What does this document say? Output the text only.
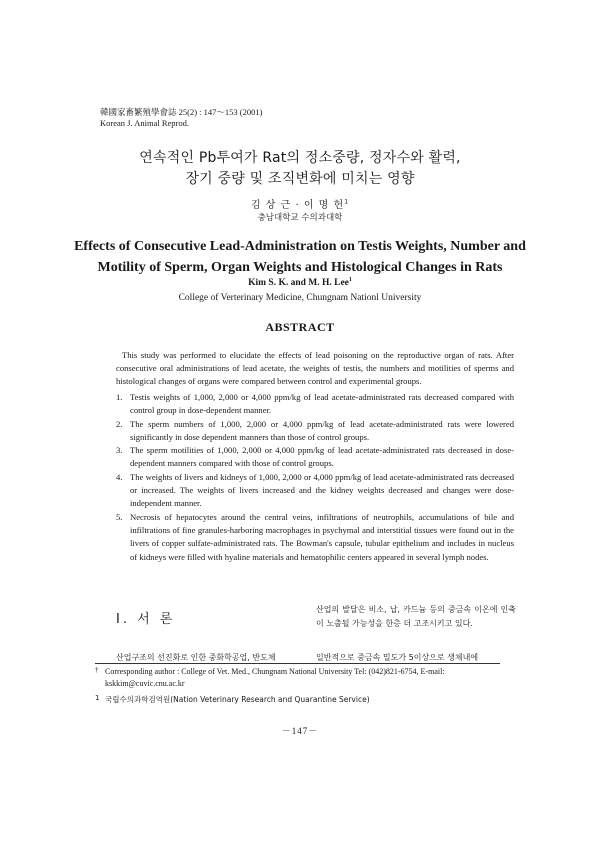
韓國家畜繁殖學會誌 25(2) : 147～153 (2001)
Korean J. Animal Reprod.
연속적인 Pb투여가 Rat의 정소중량, 정자수와 활력,
장기 중량 및 조직변화에 미치는 영향
김 상 근 · 이 명 헌$^1$
충남대학교 수의과대학
Effects of Consecutive Lead-Administration on Testis Weights, Number and
Motility of Sperm, Organ Weights and Histological Changes in Rats
Kim S. K. and M. H. Lee$^1$
College of Verterinary Medicine, Chungnam Nationl University
ABSTRACT
This study was performed to elucidate the effects of lead poisoning on the reproductive organ of rats. After consecutive oral administrations of lead acetate, the weights of testis, the numbers and motilities of sperms and histological changes of organs were compared between control and experimental groups.
1. Testis weights of 1,000, 2,000 or 4,000 ppm/kg of lead acetate-administrated rats decreased compared with control group in dose-dependent manner.
2. The sperm numbers of 1,000, 2,000 or 4,000 ppm/kg of lead acetate-administrated rats were lowered significantly in dose dependent manners than those of control groups.
3. The sperm motilities of 1,000, 2,000 or 4,000 ppm/kg of lead acetate-administrated rats decreased in dose-dependent manners compared with those of control groups.
4. The weights of livers and kidneys of 1,000, 2,000 or 4,000 ppm/kg of lead acetate-administrated rats decreased or increased. The weights of livers increased and the kidney weights decreased and changes were dose-independent manner.
5. Necrosis of hepatocytes around the central veins, infiltrations of neutrophils, accumulations of bile and infiltrations of fine granules-harboring macrophages in psychymal and interstitial tissues were found out in the livers of copper sulfate-administrated rats. The Bowman's capsule, tubular epithelium and includes in nucleus of kidneys were filled with hyaline materials and hematophilic centers appeared in several lymph nodes.
Ⅰ. 서 론
산업의 발달은 비소, 납, 카드늄 등의 중금속 이온에 인축이 노출될 가능성을 한층 더 고조시키고 있다.
산업구조의 선진화로 인한 중화학공업, 반도체	일반적으로 중금속 밀도가 5이상으로 생체내에
† Corresponding author : College of Vet. Med., Chungnam National University Tel: (042)821-6754, E-mail: kskkim@cuvic.cnu.ac.kr
1 국립수의과학검역원(Nation Veterinary Research and Quarantine Service)
－147－
